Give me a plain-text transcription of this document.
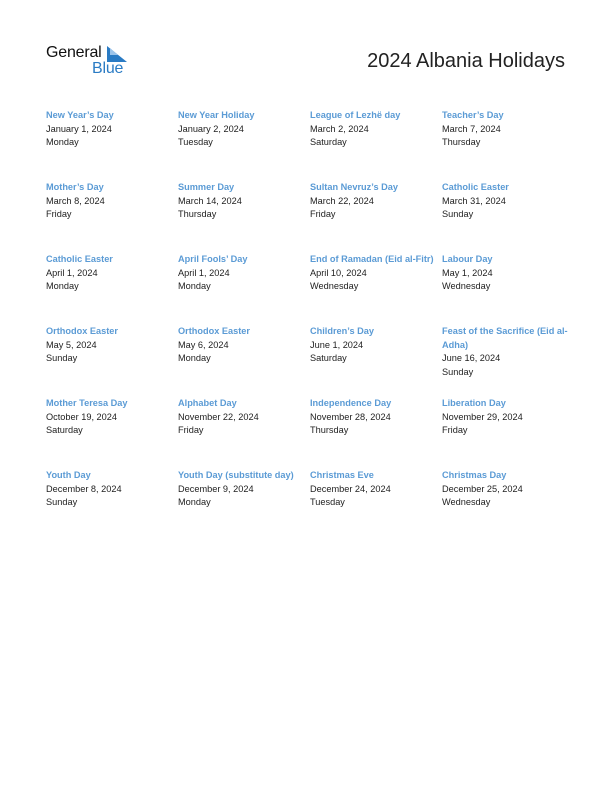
General
Blue	2024 Albania Holidays
New Year’s Day
January 1, 2024
Monday
New Year Holiday
January 2, 2024
Tuesday
League of Lezhë day
March 2, 2024
Saturday
Teacher’s Day
March 7, 2024
Thursday
Mother’s Day
March 8, 2024
Friday
Summer Day
March 14, 2024
Thursday
Sultan Nevruz’s Day
March 22, 2024
Friday
Catholic Easter
March 31, 2024
Sunday
Catholic Easter
April 1, 2024
Monday
April Fools’ Day
April 1, 2024
Monday
End of Ramadan (Eid al-Fitr)
April 10, 2024
Wednesday
Labour Day
May 1, 2024
Wednesday
Orthodox Easter
May 5, 2024
Sunday
Orthodox Easter
May 6, 2024
Monday
Children’s Day
June 1, 2024
Saturday
Feast of the Sacrifice (Eid al-Adha)
June 16, 2024
Sunday
Mother Teresa Day
October 19, 2024
Saturday
Alphabet Day
November 22, 2024
Friday
Independence Day
November 28, 2024
Thursday
Liberation Day
November 29, 2024
Friday
Youth Day
December 8, 2024
Sunday
Youth Day (substitute day)
December 9, 2024
Monday
Christmas Eve
December 24, 2024
Tuesday
Christmas Day
December 25, 2024
Wednesday
